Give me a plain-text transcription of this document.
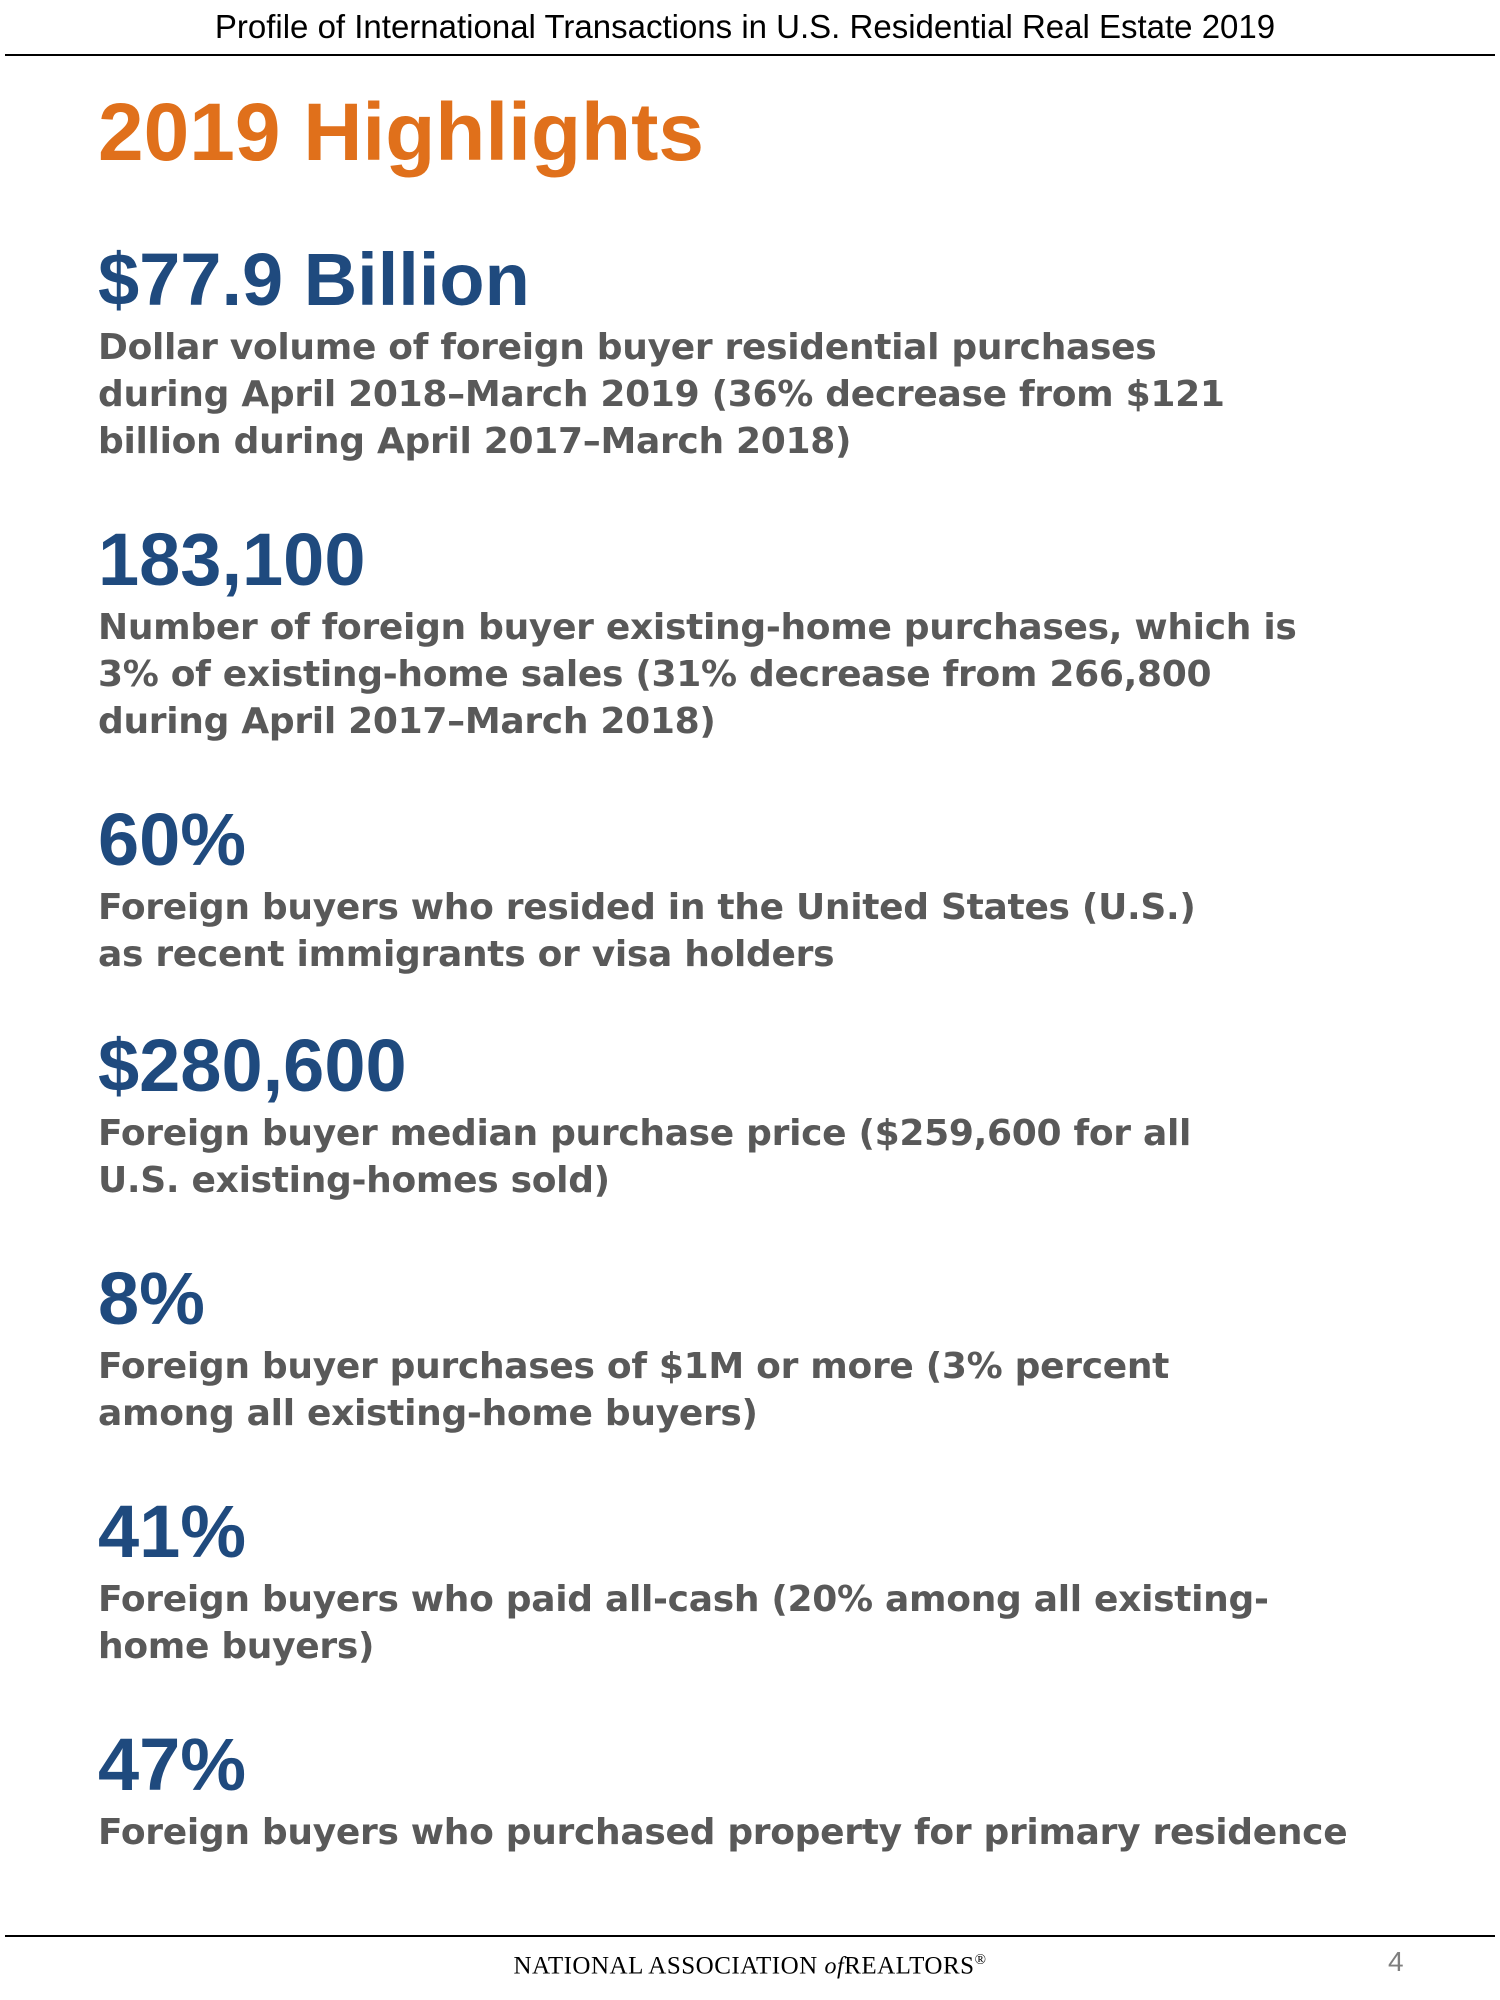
Profile of International Transactions in U.S. Residential Real Estate 2019
2019 Highlights

$77.9 Billion

Dollar volume of foreign buyer residential purchases during April 2018–March 2019 (36% decrease from $121 billion during April 2017–March 2018)

183,100

Number of foreign buyer existing-home purchases, which is 3% of existing-home sales (31% decrease from 266,800 during April 2017–March 2018)

60%

Foreign buyers who resided in the United States (U.S.) as recent immigrants or visa holders

$280,600

Foreign buyer median purchase price ($259,600 for all U.S. existing-homes sold)

8%

Foreign buyer purchases of $1M or more (3% percent among all existing-home buyers)

41%

Foreign buyers who paid all-cash (20% among all existing-home buyers)

47%

Foreign buyers who purchased property for primary residence

NATIONAL ASSOCIATION ofREALTORS®	4
